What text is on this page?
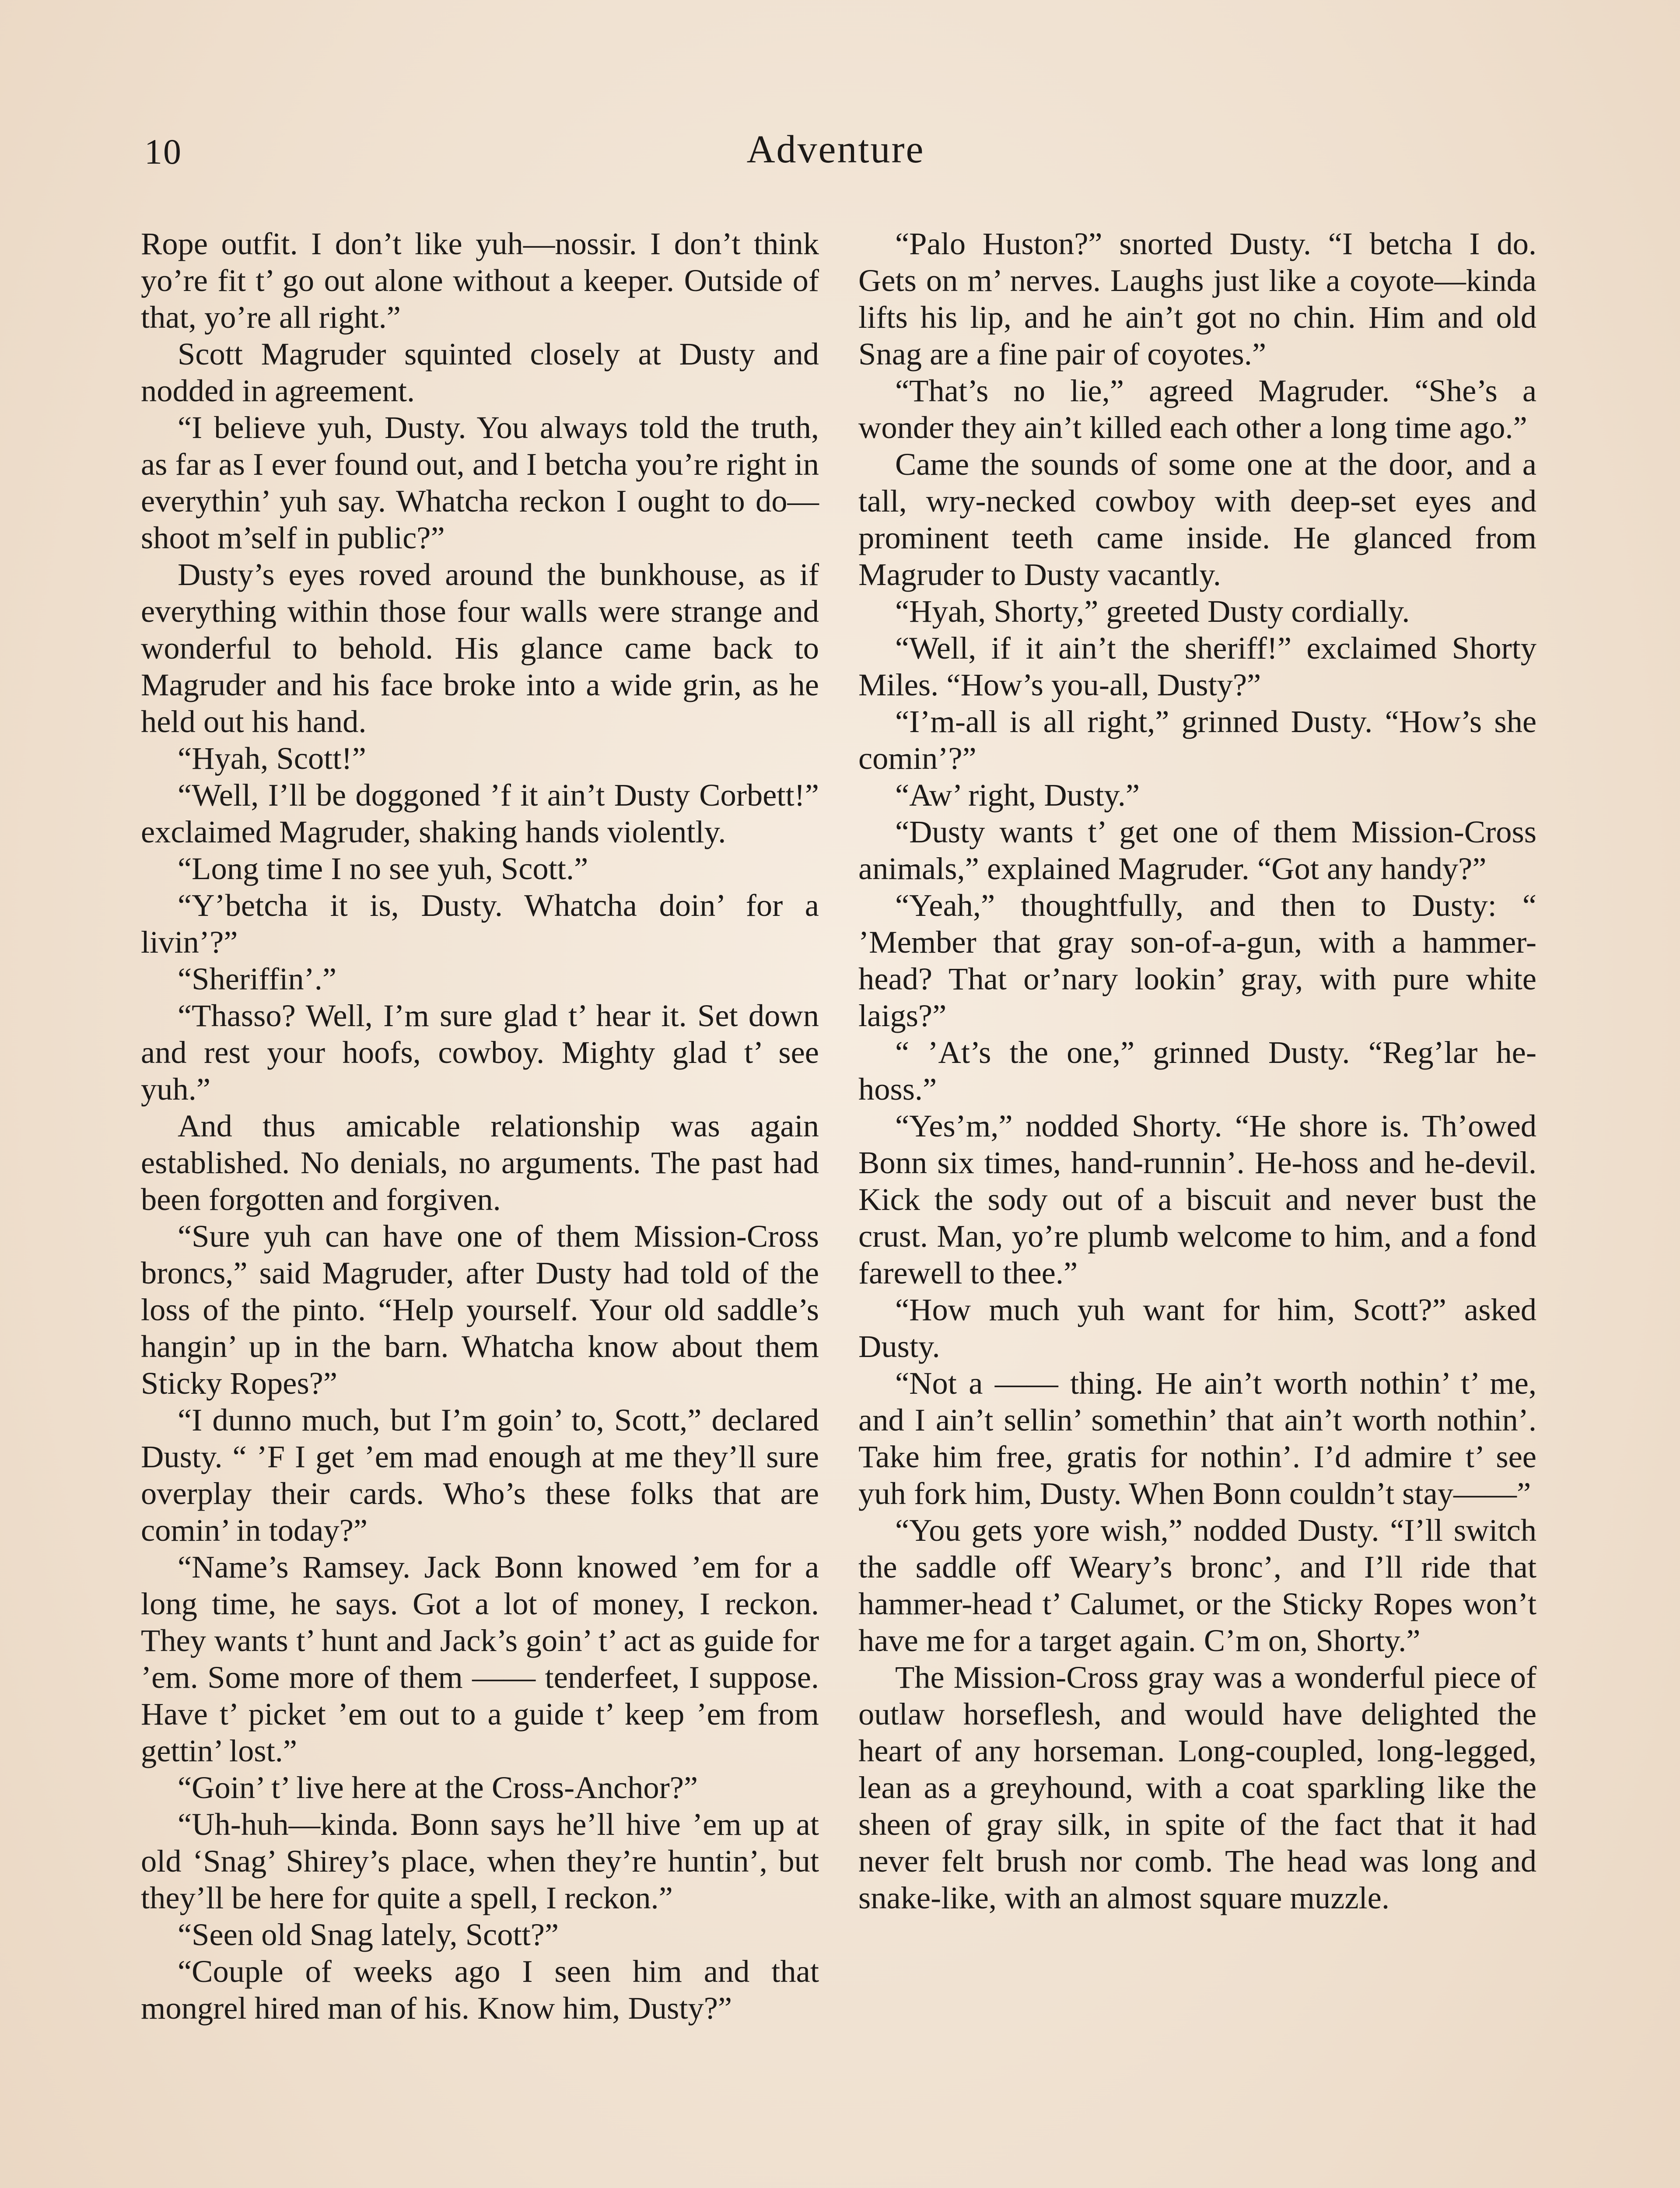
10	Adventure

Rope outfit. I don’t like yuh—nossir. I don’t think yo’re fit t’ go out alone without a keeper. Outside of that, yo’re all right.”

Scott Magruder squinted closely at Dusty and nodded in agreement.

“I believe yuh, Dusty. You always told the truth, as far as I ever found out, and I betcha you’re right in everythin’ yuh say. Whatcha reckon I ought to do—shoot m’self in public?”

Dusty’s eyes roved around the bunkhouse, as if everything within those four walls were strange and wonderful to behold. His glance came back to Magruder and his face broke into a wide grin, as he held out his hand.

“Hyah, Scott!”

“Well, I’ll be doggoned ’f it ain’t Dusty Corbett!” exclaimed Magruder, shaking hands violently.

“Long time I no see yuh, Scott.”

“Y’betcha it is, Dusty. Whatcha doin’ for a livin’?”

“Sheriffin’.”

“Thasso? Well, I’m sure glad t’ hear it. Set down and rest your hoofs, cowboy. Mighty glad t’ see yuh.”

And thus amicable relationship was again established. No denials, no arguments. The past had been forgotten and forgiven.

“Sure yuh can have one of them Mission-Cross broncs,” said Magruder, after Dusty had told of the loss of the pinto. “Help yourself. Your old saddle’s hangin’ up in the barn. Whatcha know about them Sticky Ropes?”

“I dunno much, but I’m goin’ to, Scott,” declared Dusty. “ ’F I get ’em mad enough at me they’ll sure overplay their cards. Who’s these folks that are comin’ in today?”

“Name’s Ramsey. Jack Bonn knowed ’em for a long time, he says. Got a lot of money, I reckon. They wants t’ hunt and Jack’s goin’ t’ act as guide for ’em. Some more of them —— tenderfeet, I suppose. Have t’ picket ’em out to a guide t’ keep ’em from gettin’ lost.”

“Goin’ t’ live here at the Cross-Anchor?”

“Uh-huh—kinda. Bonn says he’ll hive ’em up at old ‘Snag’ Shirey’s place, when they’re huntin’, but they’ll be here for quite a spell, I reckon.”

“Seen old Snag lately, Scott?”

“Couple of weeks ago I seen him and that mongrel hired man of his. Know him, Dusty?”

“Palo Huston?” snorted Dusty. “I betcha I do. Gets on m’ nerves. Laughs just like a coyote—kinda lifts his lip, and he ain’t got no chin. Him and old Snag are a fine pair of coyotes.”

“That’s no lie,” agreed Magruder. “She’s a wonder they ain’t killed each other a long time ago.”

Came the sounds of some one at the door, and a tall, wry-necked cowboy with deep-set eyes and prominent teeth came inside. He glanced from Magruder to Dusty vacantly.

“Hyah, Shorty,” greeted Dusty cordially.

“Well, if it ain’t the sheriff!” exclaimed Shorty Miles. “How’s you-all, Dusty?”

“I’m-all is all right,” grinned Dusty. “How’s she comin’?”

“Aw’ right, Dusty.”

“Dusty wants t’ get one of them Mission-Cross animals,” explained Magruder. “Got any handy?”

“Yeah,” thoughtfully, and then to Dusty: “ ’Member that gray son-of-a-gun, with a hammer-head? That or’nary lookin’ gray, with pure white laigs?”

“ ’At’s the one,” grinned Dusty. “Reg’lar he-hoss.”

“Yes’m,” nodded Shorty. “He shore is. Th’owed Bonn six times, hand-runnin’. He-hoss and he-devil. Kick the sody out of a biscuit and never bust the crust. Man, yo’re plumb welcome to him, and a fond farewell to thee.”

“How much yuh want for him, Scott?” asked Dusty.

“Not a —— thing. He ain’t worth nothin’ t’ me, and I ain’t sellin’ somethin’ that ain’t worth nothin’. Take him free, gratis for nothin’. I’d admire t’ see yuh fork him, Dusty. When Bonn couldn’t stay——”

“You gets yore wish,” nodded Dusty. “I’ll switch the saddle off Weary’s bronc’, and I’ll ride that hammer-head t’ Calumet, or the Sticky Ropes won’t have me for a target again. C’m on, Shorty.”

The Mission-Cross gray was a wonderful piece of outlaw horseflesh, and would have delighted the heart of any horseman. Long-coupled, long-legged, lean as a greyhound, with a coat sparkling like the sheen of gray silk, in spite of the fact that it had never felt brush nor comb. The head was long and snake-like, with an almost square muzzle.
